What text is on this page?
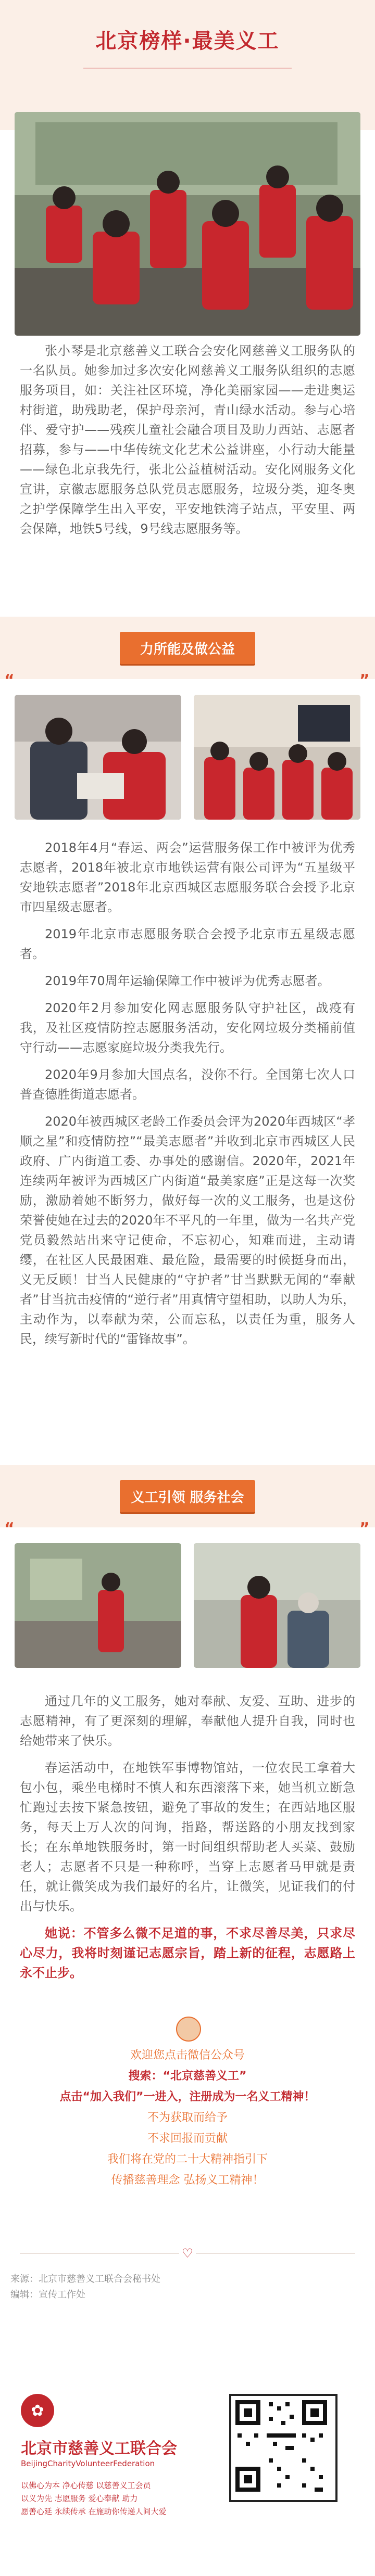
北京榜样·最美义工

张小琴是北京慈善义工联合会安化网慈善义工服务队的一名队员。她参加过多次安化网慈善义工服务队组织的志愿服务项目，如：关注社区环境，净化美丽家园——走进奥运村街道，助残助老，保护母亲河，青山绿水活动。参与心培伴、爱守护——残疾儿童社会融合项目及助力西站、志愿者招募，参与——中华传统文化艺术公益讲座，小行动大能量——绿色北京我先行，张北公益植树活动。安化网服务文化宣讲，京徽志愿服务总队党员志愿服务，垃圾分类，迎冬奥之护学保障学生出入平安，平安地铁湾子站点，平安里、两会保障，地铁5号线，9号线志愿服务等。

力所能及做公益

2018年4月“春运、两会”运营服务保工作中被评为优秀志愿者，2018年被北京市地铁运营有限公司评为“五星级平安地铁志愿者”2018年北京西城区志愿服务联合会授予北京市四星级志愿者。

2019年北京市志愿服务联合会授予北京市五星级志愿者。

2019年70周年运输保障工作中被评为优秀志愿者。

2020年2月参加安化网志愿服务队守护社区，战疫有我，及社区疫情防控志愿服务活动，安化网垃圾分类桶前值守行动——志愿家庭垃圾分类我先行。

2020年9月参加大国点名，没你不行。全国第七次人口普查德胜街道志愿者。

2020年被西城区老龄工作委员会评为2020年西城区“孝顺之星”和疫情防控”“最美志愿者”并收到北京市西城区人民政府、广内街道工委、办事处的感谢信。2020年，2021年连续两年被评为西城区广内街道“最美家庭”正是这每一次奖励，激励着她不断努力，做好每一次的义工服务，也是这份荣誉使她在过去的2020年不平凡的一年里，做为一名共产党党员毅然站出来守记使命，不忘初心，知难而进，主动请缨，在社区人民最困难、最危险，最需要的时候挺身而出，义无反顾！甘当人民健康的“守护者”甘当默默无闻的“奉献者”甘当抗击疫情的“逆行者”用真情守望相助，以助人为乐，主动作为，以奉献为荣，公而忘私，以责任为重，服务人民，续写新时代的“雷锋故事”。

义工引领 服务社会

通过几年的义工服务，她对奉献、友爱、互助、进步的志愿精神，有了更深刻的理解，奉献他人提升自我，同时也给她带来了快乐。

春运活动中，在地铁军事博物馆站，一位农民工拿着大包小包，乘坐电梯时不慎人和东西滚落下来，她当机立断急忙跑过去按下紧急按钮，避免了事故的发生；在西站地区服务，每天上万人次的问询，指路，帮送路的小朋友找到家长；在东单地铁服务时，第一时间组织帮助老人买菜、鼓励老人；志愿者不只是一种称呼，当穿上志愿者马甲就是责任，就让微笑成为我们最好的名片，让微笑，见证我们的付出与快乐。

她说：不管多么微不足道的事，不求尽善尽美，只求尽心尽力，我将时刻谨记志愿宗旨，踏上新的征程，志愿路上永不止步。

欢迎您点击微信公众号
搜索：“北京慈善义工”
点击“加入我们”一进入，注册成为一名义工精神！
不为获取而给予
不求回报而贡献
我们将在党的二十大精神指引下
传播慈善理念 弘扬义工精神！
♡
来源：北京市慈善义工联合会秘书处
编辑：宣传工作处
✿
北京市慈善义工联合会
BeijingCharityVolunteerFederation
以佛心为本 净心传慈 以慈善义工会员
以义为先 志愿服务 爱心奉献 助力
愿善心延 永续传承 在施助你传递人间大爱
“
“
”
”
